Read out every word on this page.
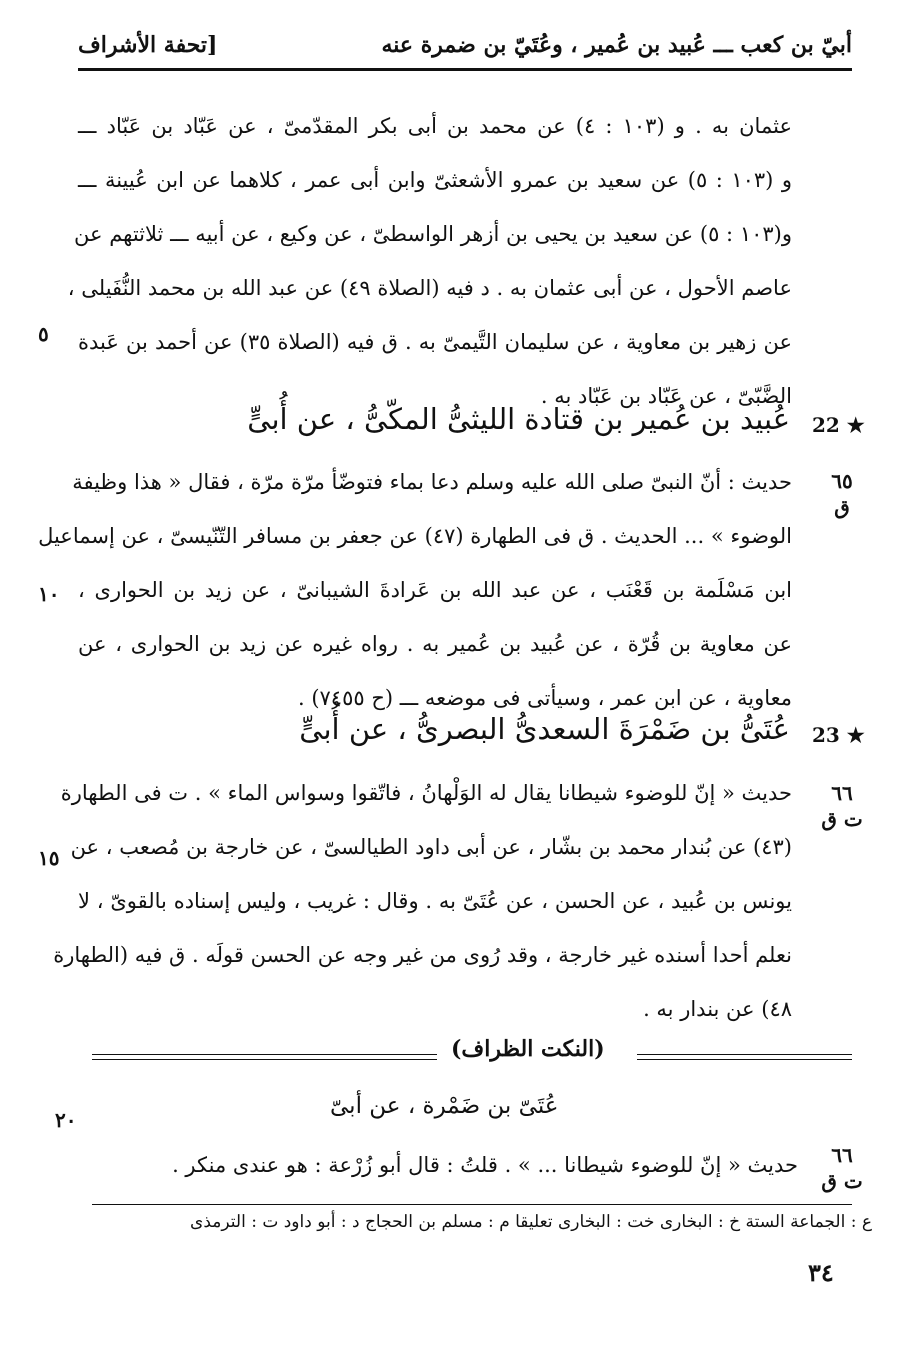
أبيّ بن كعب ـــ عُبيد بن عُمير ، وعُتَيّ بن ضمرة عنه
[تحفة الأشراف
عثمان به . و (١٠٣ : ٤) عن محمد بن أبى بكر المقدّمىّ ، عن عَبّاد بن عَبّاد ـــ
و (١٠٣ : ٥) عن سعيد بن عمرو الأشعثىّ وابن أبى عمر ، كلاهما عن ابن عُيينة ـــ
و(١٠٣ : ٥) عن سعيد بن يحيى بن أزهر الواسطىّ ، عن وكيع ، عن أبيه ـــ ثلاثتهم عن
عاصم الأحول ، عن أبى عثمان به . د فيه (الصلاة ٤٩) عن عبد الله بن محمد النُّفَيلى ،
عن زهير بن معاوية ، عن سليمان التَّيمىّ به . ق فيه (الصلاة ٣٥) عن أحمد بن عَبدة
الضَّبّىّ ، عن عَبّاد بن عَبّاد به .
٥
22 ★
عُبيد بن عُمير بن قتادة الليثىُّ المكّىُّ ، عن أُبىٍّ
٦٥
ق
حديث : أنّ النبىّ صلى الله عليه وسلم دعا بماء فتوضّأ مرّة مرّة ، فقال « هذا وظيفة
الوضوء » ... الحديث . ق فى الطهارة (٤٧) عن جعفر بن مسافر التّنّيسىّ ، عن إسماعيل
ابن مَسْلَمة بن قَعْنَب ، عن عبد الله بن عَرادةَ الشيبانىّ ، عن زيد بن الحوارى ،
عن معاوية بن قُرّة ، عن عُبيد بن عُمير به . رواه غيره عن زيد بن الحوارى ، عن
معاوية ، عن ابن عمر ، وسيأتى فى موضعه ـــ (ح ٧٤٥٥) .
١٠
23 ★
عُتَىُّ بن ضَمْرَةَ السعدىُّ البصرىُّ ، عن أُبىٍّ
٦٦
ت ق
حديث « إنّ للوضوء شيطانا يقال له الوَلْهانُ ، فاتّقوا وسواس الماء » . ت فى الطهارة
(٤٣) عن بُندار محمد بن بشّار ، عن أبى داود الطيالسىّ ، عن خارجة بن مُصعب ، عن
يونس بن عُبيد ، عن الحسن ، عن عُتَىّ به . وقال : غريب ، وليس إسناده بالقوىّ ، لا
نعلم أحدا أسنده غير خارجة ، وقد رُوى من غير وجه عن الحسن قولَه . ق فيه (الطهارة
٤٨) عن بندار به .
١٥
(النكت الظراف)
عُتَىّ بن ضَمْرة ، عن أبىّ
٢٠
٦٦
ت ق
حديث « إنّ للوضوء شيطانا ... » . قلتُ : قال أبو زُرْعة : هو عندى منكر .
ع : الجماعة الستة خ : البخارى خت : البخارى تعليقا م : مسلم بن الحجاج د : أبو داود ت : الترمذى
٣٤
